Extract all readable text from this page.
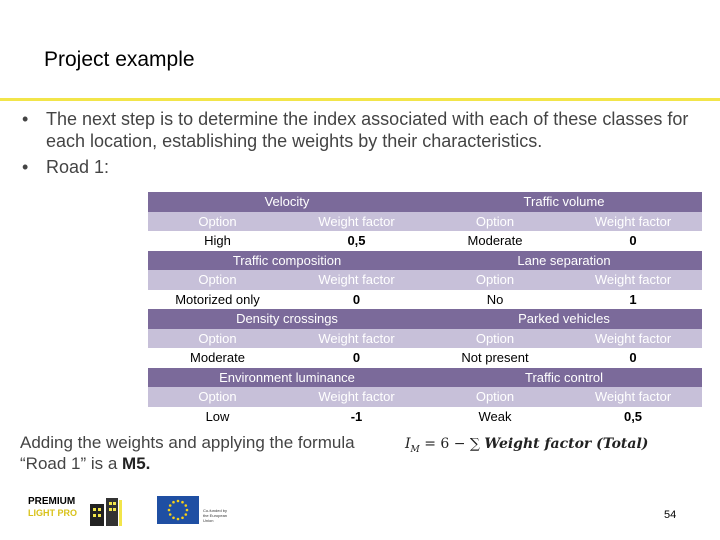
Project example
• The next step is to determine the index associated with each of these classes for each location, establishing the weights by their characteristics.
• Road 1:
Velocity		Traffic volume	
Option	Weight factor	Option	Weight factor
High	0,5	Moderate	0
Traffic composition		Lane separation	
Option	Weight factor	Option	Weight factor
Motorized only	0	No	1
Density crossings		Parked vehicles	
Option	Weight factor	Option	Weight factor
Moderate	0	Not present	0
Environment luminance		Traffic control	
Option	Weight factor	Option	Weight factor
Low	-1	Weak	0,5
Adding the weights and applying the formula
“Road 1” is a M5.
$I_M = 6$ − ∑ Weight factor (Total)
PREMIUM
LIGHT PRO	Co-funded by the European Union	54
